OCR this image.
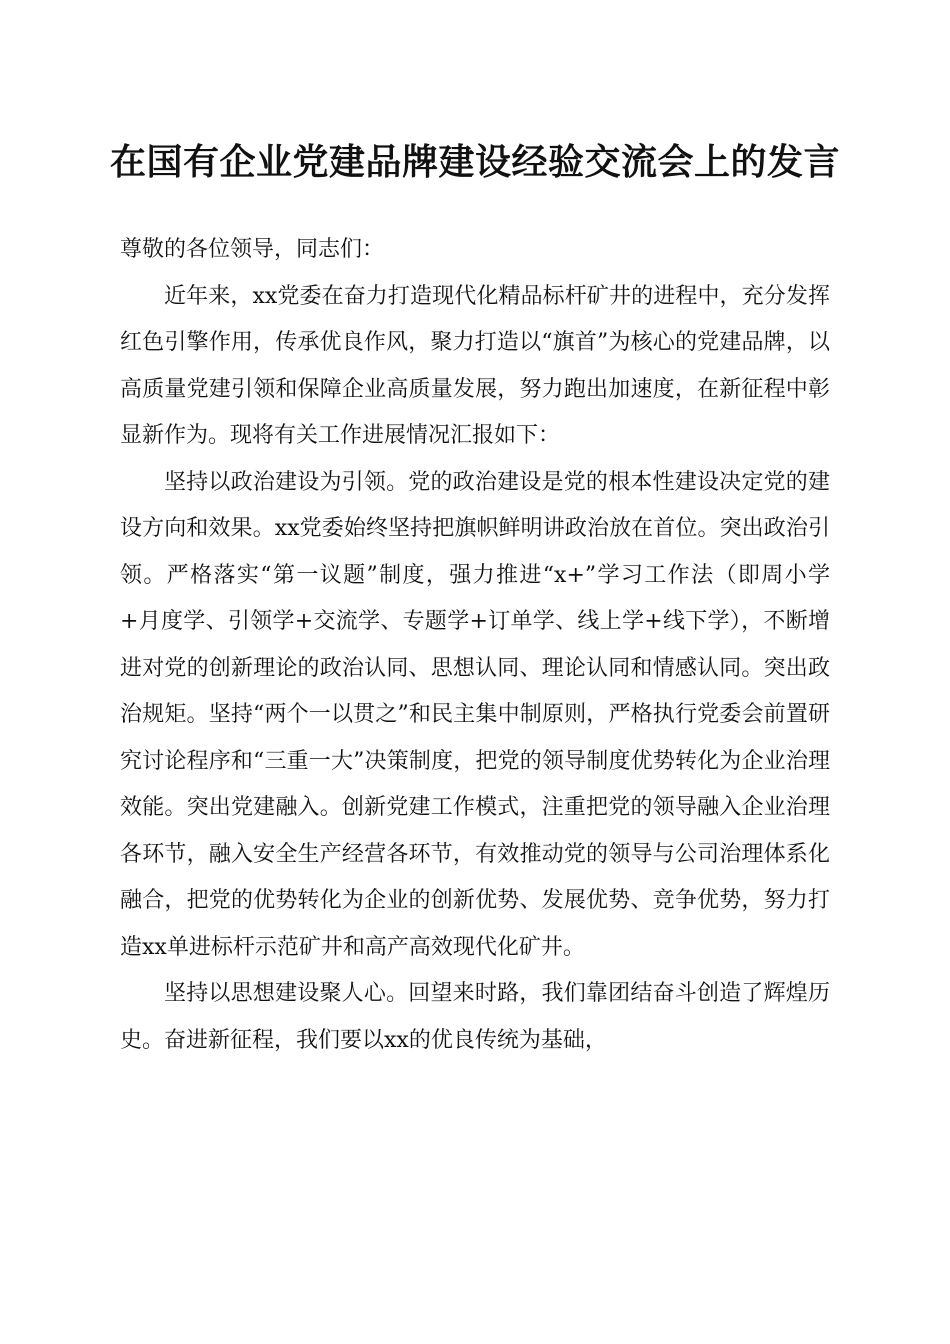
在国有企业党建品牌建设经验交流会上的发言

尊敬的各位领导，同志们：

近年来，xx党委在奋力打造现代化精品标杆矿井的进程中，充分发挥红色引擎作用，传承优良作风，聚力打造以“旗首”为核心的党建品牌，以高质量党建引领和保障企业高质量发展，努力跑出加速度，在新征程中彰显新作为。现将有关工作进展情况汇报如下：

坚持以政治建设为引领。党的政治建设是党的根本性建设决定党的建设方向和效果。xx党委始终坚持把旗帜鲜明讲政治放在首位。突出政治引领。严格落实“第一议题”制度，强力推进“x+”学习工作法（即周小学+月度学、引领学+交流学、专题学+订单学、线上学+线下学），不断增进对党的创新理论的政治认同、思想认同、理论认同和情感认同。突出政治规矩。坚持“两个一以贯之”和民主集中制原则，严格执行党委会前置研究讨论程序和“三重一大”决策制度，把党的领导制度优势转化为企业治理效能。突出党建融入。创新党建工作模式，注重把党的领导融入企业治理各环节，融入安全生产经营各环节，有效推动党的领导与公司治理体系化融合，把党的优势转化为企业的创新优势、发展优势、竞争优势，努力打造xx单进标杆示范矿井和高产高效现代化矿井。

坚持以思想建设聚人心。回望来时路，我们靠团结奋斗创造了辉煌历史。奋进新征程，我们要以xx的优良传统为基础，
